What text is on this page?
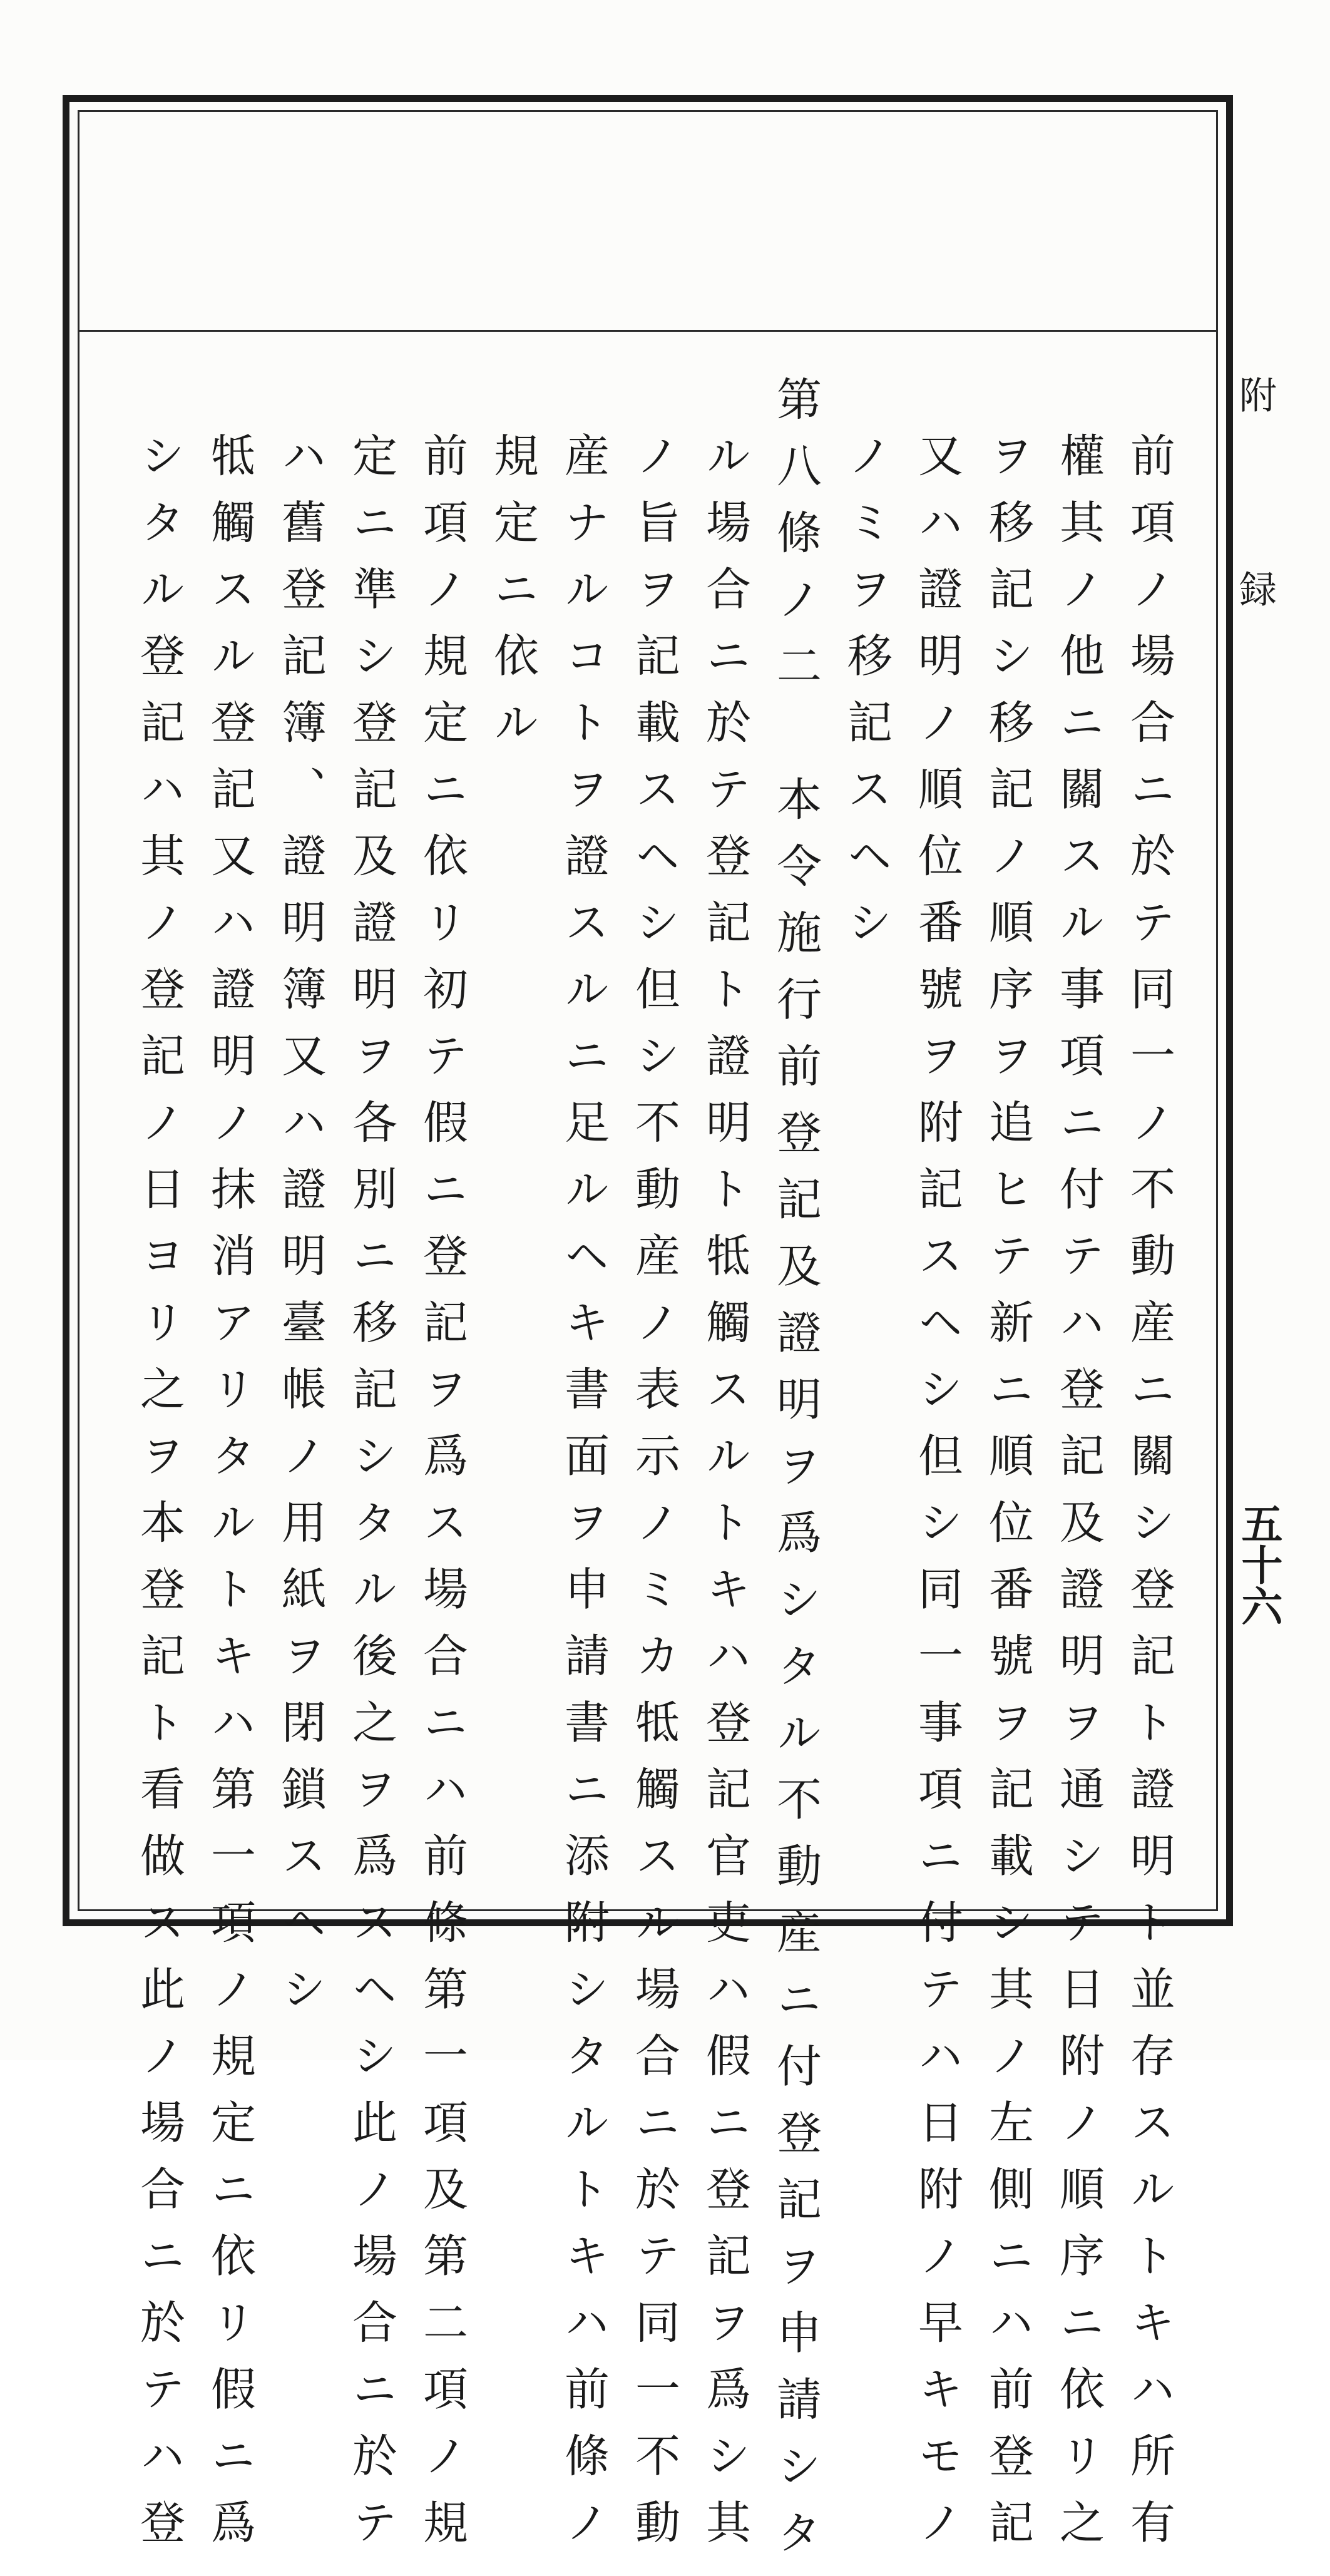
附 録
五十六

前項ノ場合ニ於テ同一ノ不動産ニ關シ登記ト證明ト並存スルトキハ所有

權其ノ他ニ關スル事項ニ付テハ登記及證明ヲ通シテ日附ノ順序ニ依リ之

ヲ移記シ移記ノ順序ヲ追ヒテ新ニ順位番號ヲ記載シ其ノ左側ニハ前登記

又ハ證明ノ順位番號ヲ附記スヘシ但シ同一事項ニ付テハ日附ノ早キモノ

ノミヲ移記スヘシ

第八條ノ二　本令施行前登記及證明ヲ爲シタル不動産ニ付登記ヲ申請シタ

ル場合ニ於テ登記ト證明ト牴觸スルトキハ登記官吏ハ假ニ登記ヲ爲シ其

ノ旨ヲ記載スヘシ但シ不動産ノ表示ノミカ牴觸スル場合ニ於テ同一不動

産ナルコトヲ證スルニ足ルヘキ書面ヲ申請書ニ添附シタルトキハ前條ノ

規定ニ依ル

前項ノ規定ニ依リ初テ假ニ登記ヲ爲ス場合ニハ前條第一項及第二項ノ規

定ニ準シ登記及證明ヲ各別ニ移記シタル後之ヲ爲スヘシ此ノ場合ニ於テ

ハ舊登記簿、證明簿又ハ證明臺帳ノ用紙ヲ閉鎖スヘシ

牴觸スル登記又ハ證明ノ抹消アリタルトキハ第一項ノ規定ニ依リ假ニ爲

シタル登記ハ其ノ登記ノ日ヨリ之ヲ本登記ト看做ス此ノ場合ニ於テハ登
